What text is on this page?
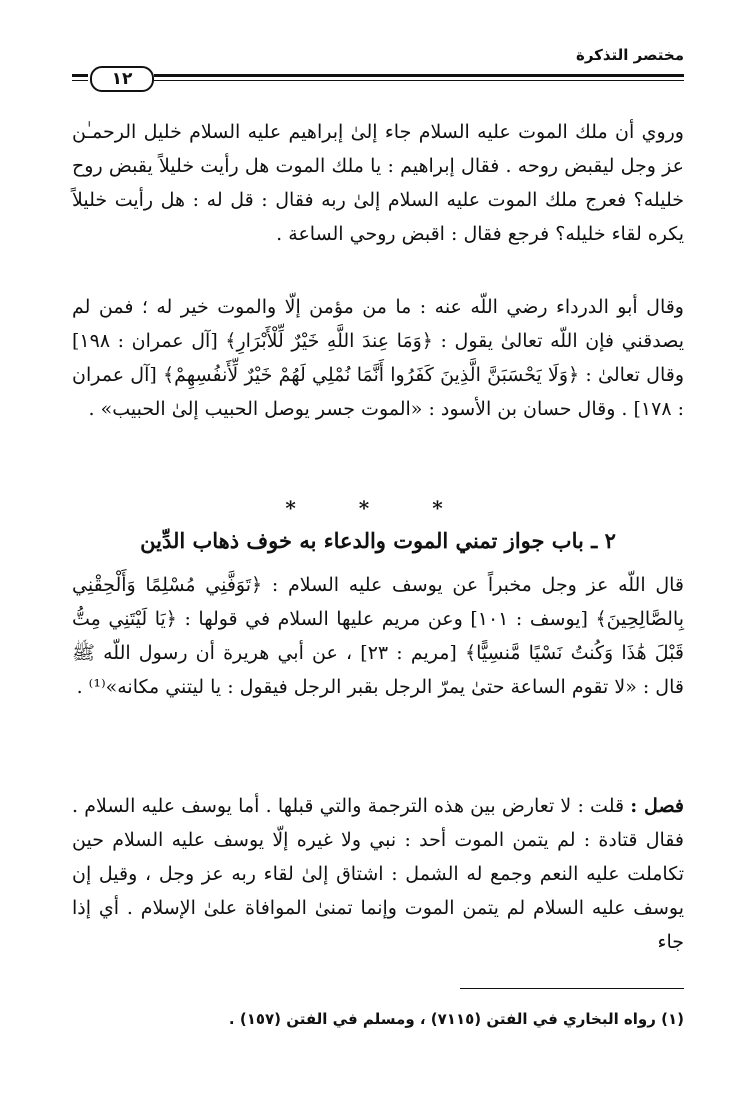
مختصر التذكرة
١٢
وروي أن ملك الموت عليه السلام جاء إلىٰ إبراهيم عليه السلام خليل الرحمـٰن عز وجل ليقبض روحه . فقال إبراهيم : يا ملك الموت هل رأيت خليلاً يقبض روح خليله؟ فعرج ملك الموت عليه السلام إلىٰ ربه فقال : قل له : هل رأيت خليلاً يكره لقاء خليله؟ فرجع فقال : اقبض روحي الساعة .
وقال أبو الدرداء رضي اللّه عنه : ما من مؤمن إلّا والموت خير له ؛ فمن لم يصدقني فإن اللّه تعالىٰ يقول : ﴿وَمَا عِندَ اللَّهِ خَيْرٌ لِّلْأَبْرَارِ﴾ [آل عمران : ١٩٨] وقال تعالىٰ : ﴿وَلَا يَحْسَبَنَّ الَّذِينَ كَفَرُوا أَنَّمَا نُمْلِي لَهُمْ خَيْرٌ لِّأَنفُسِهِمْ﴾ [آل عمران : ١٧٨] . وقال حسان بن الأسود : «الموت جسر يوصل الحبيب إلىٰ الحبيب» .
* * *
٢ ـ باب جواز تمني الموت والدعاء به خوف ذهاب الدِّين
قال اللّه عز وجل مخبراً عن يوسف عليه السلام : ﴿تَوَفَّنِي مُسْلِمًا وَأَلْحِقْنِي بِالصَّالِحِينَ﴾ [يوسف : ١٠١] وعن مريم عليها السلام في قولها : ﴿يَا لَيْتَنِي مِتُّ قَبْلَ هَٰذَا وَكُنتُ نَسْيًا مَّنسِيًّا﴾ [مريم : ٢٣] ، عن أبي هريرة أن رسول اللّه ﷺ قال : «لا تقوم الساعة حتىٰ يمرّ الرجل بقبر الرجل فيقول : يا ليتني مكانه»⁽¹⁾ .
فصل : قلت : لا تعارض بين هذه الترجمة والتي قبلها . أما يوسف عليه السلام . فقال قتادة : لم يتمن الموت أحد : نبي ولا غيره إلّا يوسف عليه السلام حين تكاملت عليه النعم وجمع له الشمل : اشتاق إلىٰ لقاء ربه عز وجل ، وقيل إن يوسف عليه السلام لم يتمن الموت وإنما تمنىٰ الموافاة علىٰ الإسلام . أي إذا جاء
(١) رواه البخاري في الفتن (٧١١٥) ، ومسلم في الفتن (١٥٧) .
